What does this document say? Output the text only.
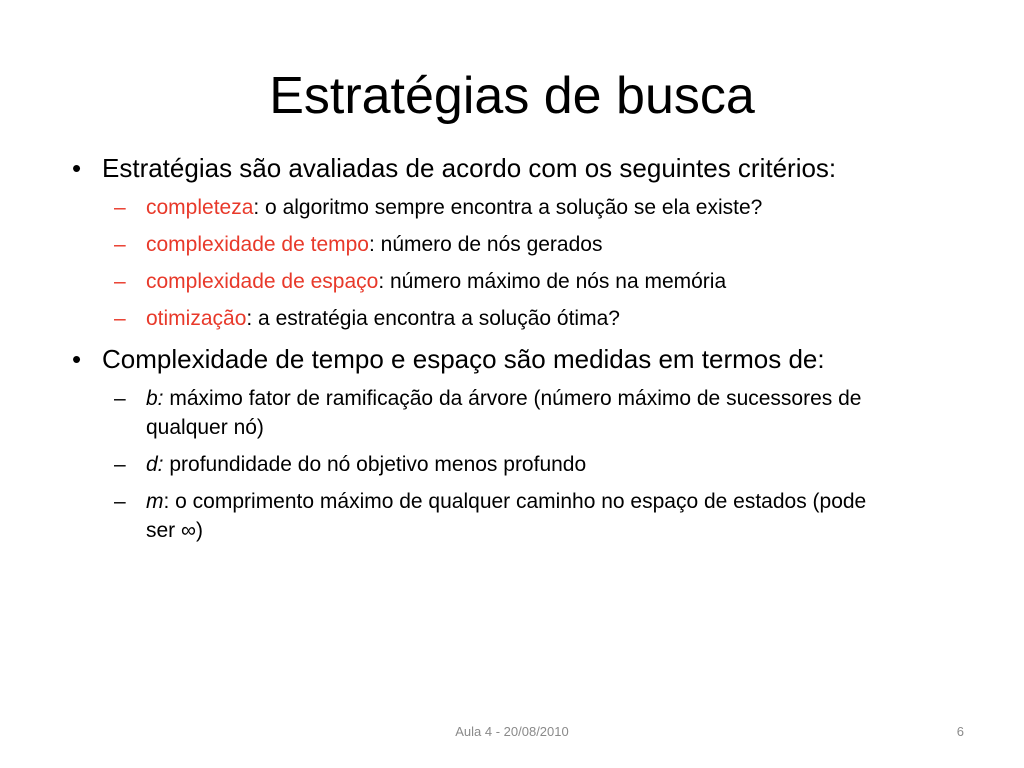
Estratégias de busca
• Estratégias são avaliadas de acordo com os seguintes critérios:
– completeza: o algoritmo sempre encontra a solução se ela existe?
– complexidade de tempo: número de nós gerados
– complexidade de espaço: número máximo de nós na memória
– otimização: a estratégia encontra a solução ótima?
• Complexidade de tempo e espaço são medidas em termos de:
– b: máximo fator de ramificação da árvore (número máximo de sucessores de qualquer nó)
– d: profundidade do nó objetivo menos profundo
– m: o comprimento máximo de qualquer caminho no espaço de estados (pode ser ∞)
Aula 4 - 20/08/2010	6
